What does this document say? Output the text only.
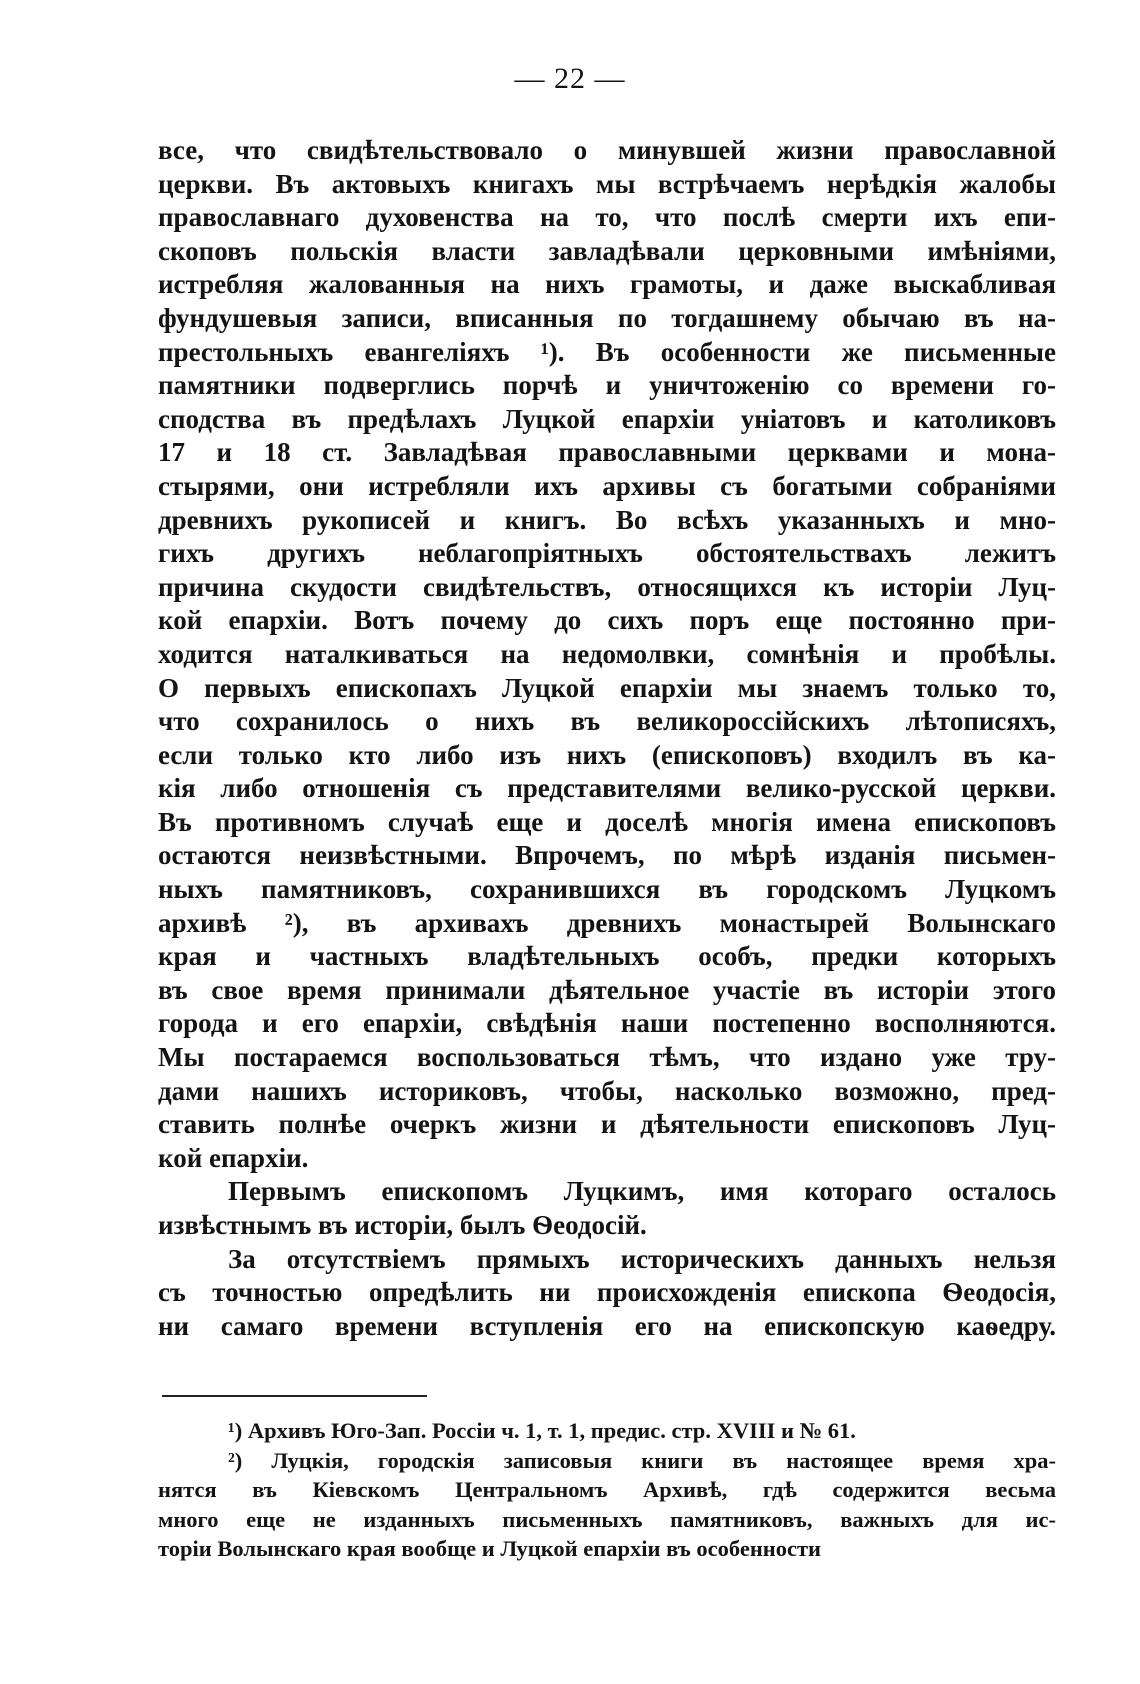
— 22 —
все, что свидѣтельствовало о минувшей жизни православной
церкви. Въ актовыхъ книгахъ мы встрѣчаемъ нерѣдкія жалобы
православнаго духовенства на то, что послѣ смерти ихъ епи-
скоповъ польскія власти завладѣвали церковными имѣніями,
истребляя жалованныя на нихъ грамоты, и даже выскабливая
фундушевыя записи, вписанныя по тогдашнему обычаю въ на-
престольныхъ евангеліяхъ ¹). Въ особенности же письменные
памятники подверглись порчѣ и уничтоженію со времени го-
сподства въ предѣлахъ Луцкой епархіи уніатовъ и католиковъ
17 и 18 ст. Завладѣвая православными церквами и мона-
стырями, они истребляли ихъ архивы съ богатыми собраніями
древнихъ рукописей и книгъ. Во всѣхъ указанныхъ и мно-
гихъ другихъ неблагопріятныхъ обстоятельствахъ лежитъ
причина скудости свидѣтельствъ, относящихся къ исторіи Луц-
кой епархіи. Вотъ почему до сихъ поръ еще постоянно при-
ходится наталкиваться на недомолвки, сомнѣнія и пробѣлы.
О первыхъ епископахъ Луцкой епархіи мы знаемъ только то,
что сохранилось о нихъ въ великороссійскихъ лѣтописяхъ,
если только кто либо изъ нихъ (епископовъ) входилъ въ ка-
кія либо отношенія съ представителями велико-русской церкви.
Въ противномъ случаѣ еще и доселѣ многія имена епископовъ
остаются неизвѣстными. Впрочемъ, по мѣрѣ изданія письмен-
ныхъ памятниковъ, сохранившихся въ городскомъ Луцкомъ
архивѣ ²), въ архивахъ древнихъ монастырей Волынскаго
края и частныхъ владѣтельныхъ особъ, предки которыхъ
въ свое время принимали дѣятельное участіе въ исторіи этого
города и его епархіи, свѣдѣнія наши постепенно восполняются.
Мы постараемся воспользоваться тѣмъ, что издано уже тру-
дами нашихъ историковъ, чтобы, насколько возможно, пред-
ставить полнѣе очеркъ жизни и дѣятельности епископовъ Луц-
кой епархіи.
Первымъ епископомъ Луцкимъ, имя котораго осталось
извѣстнымъ въ исторіи, былъ Ѳеодосій.
За отсутствіемъ прямыхъ историческихъ данныхъ нельзя
съ точностью опредѣлить ни происхожденія епископа Ѳеодосія,
ни самаго времени вступленія его на епископскую каѳедру.
¹) Архивъ Юго-Зап. Россіи ч. 1, т. 1, предис. стр. XVIII и № 61.
²) Луцкія, городскія записовыя книги въ настоящее время хра-
нятся въ Кіевскомъ Центральномъ Архивѣ, гдѣ содержится весьма
много еще не изданныхъ письменныхъ памятниковъ, важныхъ для ис-
торіи Волынскаго края вообще и Луцкой епархіи въ особенности
